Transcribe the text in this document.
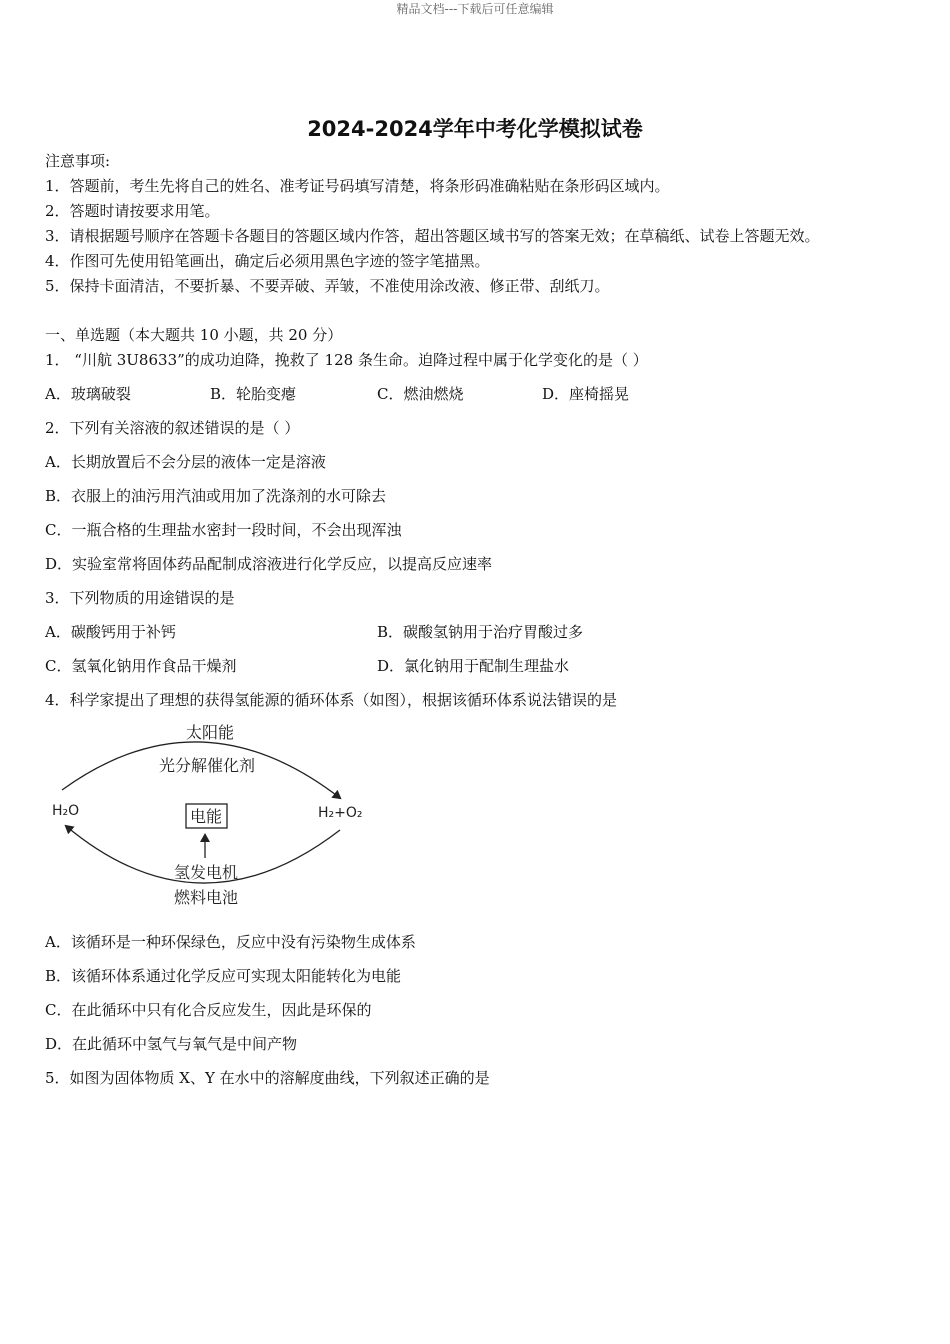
精品文档---下载后可任意编辑
2024-2024学年中考化学模拟试卷
注意事项:
1．答题前，考生先将自己的姓名、准考证号码填写清楚，将条形码准确粘贴在条形码区域内。
2．答题时请按要求用笔。
3．请根据题号顺序在答题卡各题目的答题区域内作答，超出答题区域书写的答案无效；在草稿纸、试卷上答题无效。
4．作图可先使用铅笔画出，确定后必须用黑色字迹的签字笔描黑。
5．保持卡面清洁，不要折暴、不要弄破、弄皱，不准使用涂改液、修正带、刮纸刀。
一、单选题（本大题共 10 小题，共 20 分）
1． “川航 3U8633”的成功迫降，挽救了 128 条生命。迫降过程中属于化学变化的是（ ）
A．玻璃破裂	B．轮胎变瘪	C．燃油燃烧	D．座椅摇晃
2．下列有关溶液的叙述错误的是（ ）
A．长期放置后不会分层的液体一定是溶液
B．衣服上的油污用汽油或用加了洗涤剂的水可除去
C．一瓶合格的生理盐水密封一段时间，不会出现浑浊
D．实验室常将固体药品配制成溶液进行化学反应，以提高反应速率
3．下列物质的用途错误的是
A．碳酸钙用于补钙	B．碳酸氢钠用于治疗胃酸过多
C．氢氧化钠用作食品干燥剂	D．氯化钠用于配制生理盐水
4．科学家提出了理想的获得氢能源的循环体系（如图），根据该循环体系说法错误的是
太阳能
光分解催化剂
H₂O	H₂+O₂
电能
氢发电机
燃料电池
A．该循环是一种环保绿色，反应中没有污染物生成体系
B．该循环体系通过化学反应可实现太阳能转化为电能
C．在此循环中只有化合反应发生，因此是环保的
D．在此循环中氢气与氧气是中间产物
5．如图为固体物质 X、Y 在水中的溶解度曲线，下列叙述正确的是
